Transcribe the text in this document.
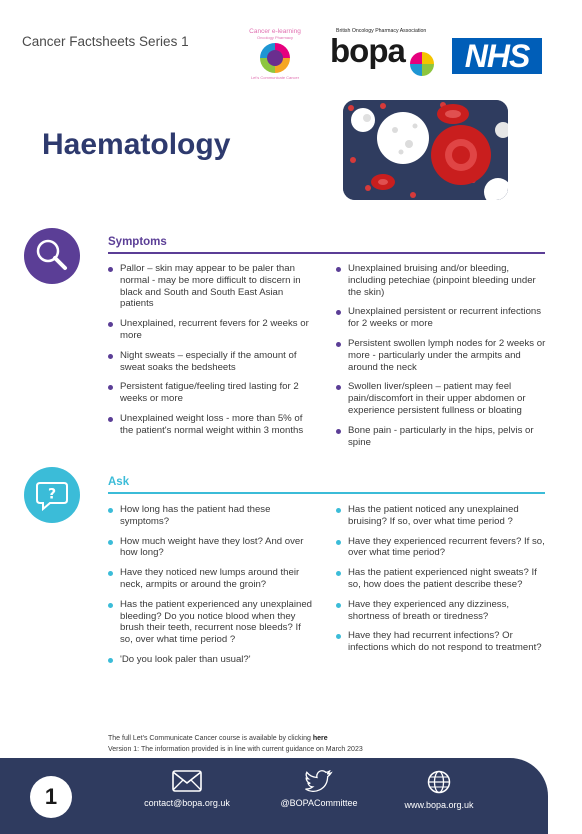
Cancer Factsheets Series 1
Cancer e-learning
Oncology Pharmacy
Let's Communicate Cancer
British Oncology Pharmacy Association
bopa	NHS
Haematology
Symptoms
Pallor – skin may appear to be paler than normal - may be more difficult to discern in black and South and South East Asian patients
Unexplained, recurrent fevers for 2 weeks or more
Night sweats – especially if the amount of sweat soaks the bedsheets
Persistent fatigue/feeling tired lasting for 2 weeks or more
Unexplained weight loss - more than 5% of the patient's normal weight within 3 months
Unexplained bruising and/or bleeding, including petechiae (pinpoint bleeding under the skin)
Unexplained persistent or recurrent infections for 2 weeks or more
Persistent swollen lymph nodes for 2 weeks or more - particularly under the armpits and around the neck
Swollen liver/spleen – patient may feel pain/discomfort in their upper abdomen or experience persistent fullness or bloating
Bone pain - particularly in the hips, pelvis or spine
?
Ask
How long has the patient had these symptoms?
How much weight have they lost? And over how long?
Have they noticed new lumps around their neck, armpits or around the groin?
Has the patient experienced any unexplained bleeding? Do you notice blood when they brush their teeth, recurrent nose bleeds? If so, over what time period ?
'Do you look paler than usual?'
Has the patient noticed any unexplained bruising? If so, over what time period ?
Have they experienced recurrent fevers? If so, over what time period?
Has the patient experienced night sweats? If so, how does the patient describe these?
Have they experienced any dizziness, shortness of breath or tiredness?
Have they had recurrent infections? Or infections which do not respond to treatment?
The full Let's Communicate Cancer course is available by clicking here
Version 1: The information provided is in line with current guidance on March 2023
1	contact@bopa.org.uk	@BOPACommittee	www.bopa.org.uk
